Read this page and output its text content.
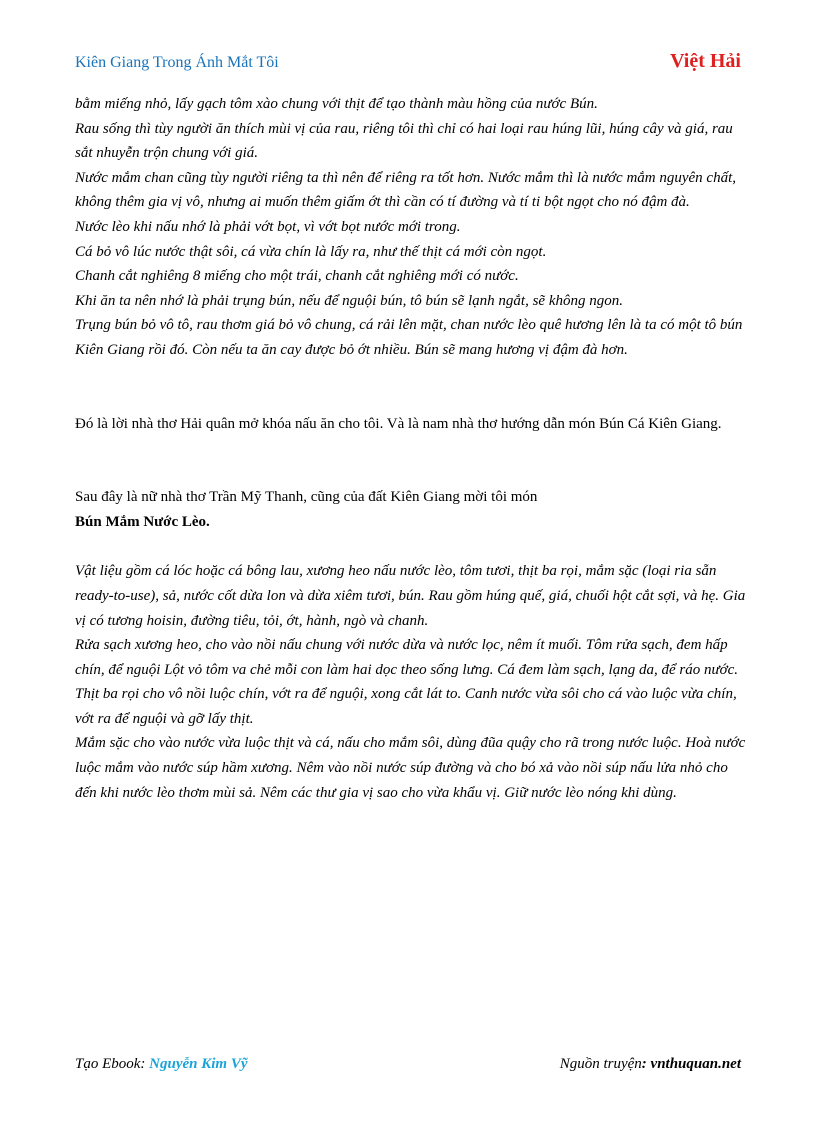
Kiên Giang Trong Ánh Mắt Tôi	Việt Hải

bằm miếng nhỏ, lấy gạch tôm xào chung với thịt để tạo thành màu hồng của nước Bún.

Rau sống thì tùy người ăn thích mùi vị của rau, riêng tôi thì chỉ có hai loại rau húng lũi, húng cây và giá, rau sắt nhuyễn trộn chung với giá.

Nước mắm chan cũng tùy người riêng ta thì nên để riêng ra tốt hơn. Nước mắm thì là nước mắm nguyên chất, không thêm gia vị vô, nhưng ai muốn thêm giấm ớt thì cần có tí đường và tí ti bột ngọt cho nó đậm đà.

Nước lèo khi nấu nhớ là phải vớt bọt, vì vớt bọt nước mới trong.

Cá bỏ vô lúc nước thật sôi, cá vừa chín là lấy ra, như thế thịt cá mới còn ngọt.

Chanh cắt nghiêng 8 miếng cho một trái, chanh cắt nghiêng mới có nước.

Khi ăn ta nên nhớ là phải trụng bún, nếu để nguội bún, tô bún sẽ lạnh ngắt, sẽ không ngon.

Trụng bún bỏ vô tô, rau thơm giá bỏ vô chung, cá rải lên mặt, chan nước lèo quê hương lên là ta có một tô bún Kiên Giang rồi đó. Còn nếu ta ăn cay được bỏ ớt nhiều. Bún sẽ mang hương vị đậm đà hơn.

Đó là lời nhà thơ Hải quân mở khóa nấu ăn cho tôi. Và là nam nhà thơ hướng dẫn món Bún Cá Kiên Giang.

Sau đây là nữ nhà thơ Trần Mỹ Thanh, cũng của đất Kiên Giang mời tôi món

Bún Mắm Nước Lèo.

Vật liệu gồm cá lóc hoặc cá bông lau, xương heo nấu nước lèo, tôm tươi, thịt ba rọi, mắm sặc (loại ria sẵn ready-to-use), sả, nước cốt dừa lon và dừa xiêm tươi, bún. Rau gồm húng quế, giá, chuối hột cắt sợi, và hẹ. Gia vị có tương hoisin, đường tiêu, tỏi, ớt, hành, ngò và chanh.

Rửa sạch xương heo, cho vào nồi nấu chung với nước dừa và nước lọc, nêm ít muối. Tôm rửa sạch, đem hấp chín, để nguội Lột vỏ tôm va chẻ mỗi con làm hai dọc theo sống lưng. Cá đem làm sạch, lạng da, để ráo nước.

Thịt ba rọi cho vô nồi luộc chín, vớt ra để nguội, xong cắt lát to. Canh nước vừa sôi cho cá vào luộc vừa chín, vớt ra để nguội và gỡ lấy thịt.

Mắm sặc cho vào nước vừa luộc thịt và cá, nấu cho mắm sôi, dùng đũa quậy cho rã trong nước luộc. Hoà nước luộc mắm vào nước súp hầm xương. Nêm vào nồi nước súp đường và cho bó xả vào nồi súp nấu lửa nhỏ cho đến khi nước lèo thơm mùi sả. Nêm các thư gia vị sao cho vừa khẩu vị. Giữ nước lèo nóng khi dùng.

Tạo Ebook: Nguyễn Kim Vỹ	Nguồn truyện: vnthuquan.net
